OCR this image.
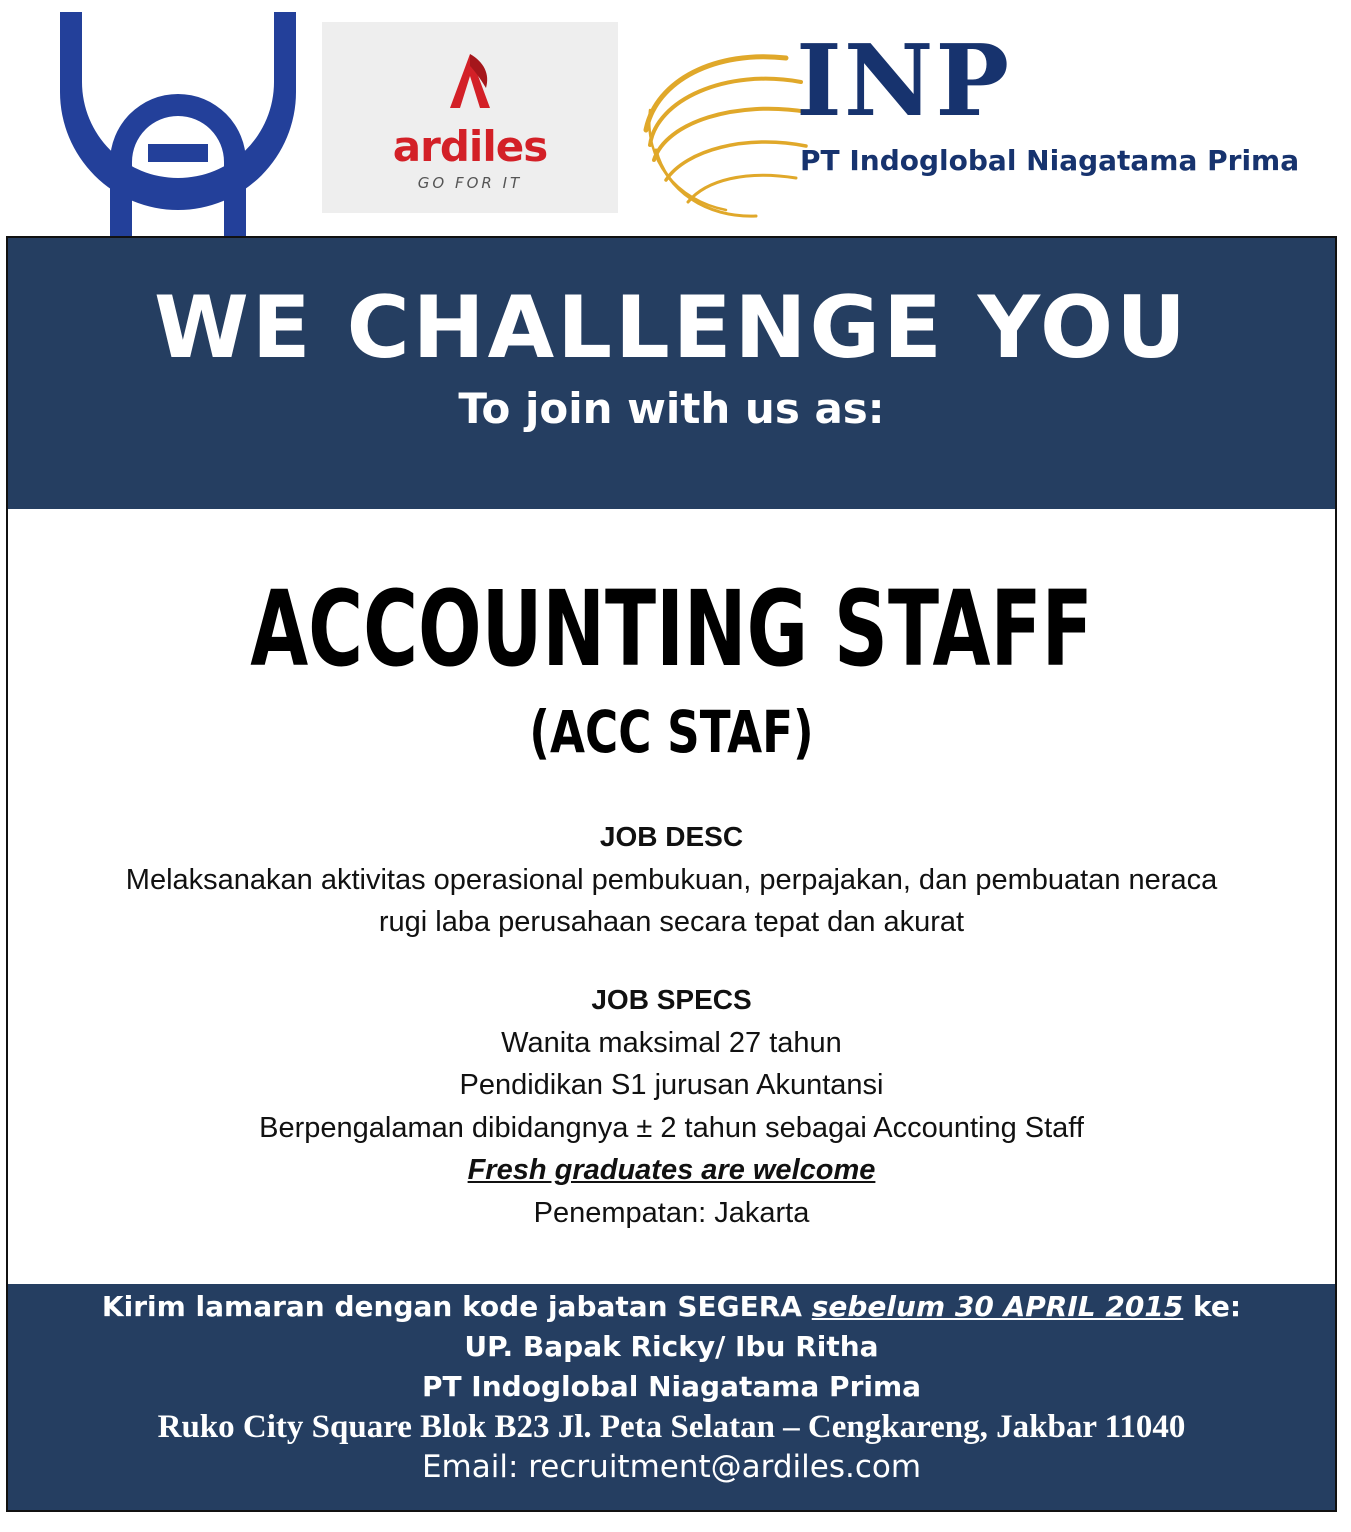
ardiles
GO FOR IT
INP
PT Indoglobal Niagatama Prima
WE CHALLENGE YOU
To join with us as:
ACCOUNTING STAFF
(ACC STAF)
JOB DESC
Melaksanakan aktivitas operasional pembukuan, perpajakan, dan pembuatan neraca
rugi laba perusahaan secara tepat dan akurat
JOB SPECS
Wanita maksimal 27 tahun
Pendidikan S1 jurusan Akuntansi
Berpengalaman dibidangnya ± 2 tahun sebagai Accounting Staff
Fresh graduates are welcome
Penempatan: Jakarta
Kirim lamaran dengan kode jabatan SEGERA sebelum 30 APRIL 2015 ke:
UP. Bapak Ricky/ Ibu Ritha
PT Indoglobal Niagatama Prima
Ruko City Square Blok B23 Jl. Peta Selatan – Cengkareng, Jakbar 11040
Email: recruitment@ardiles.com
